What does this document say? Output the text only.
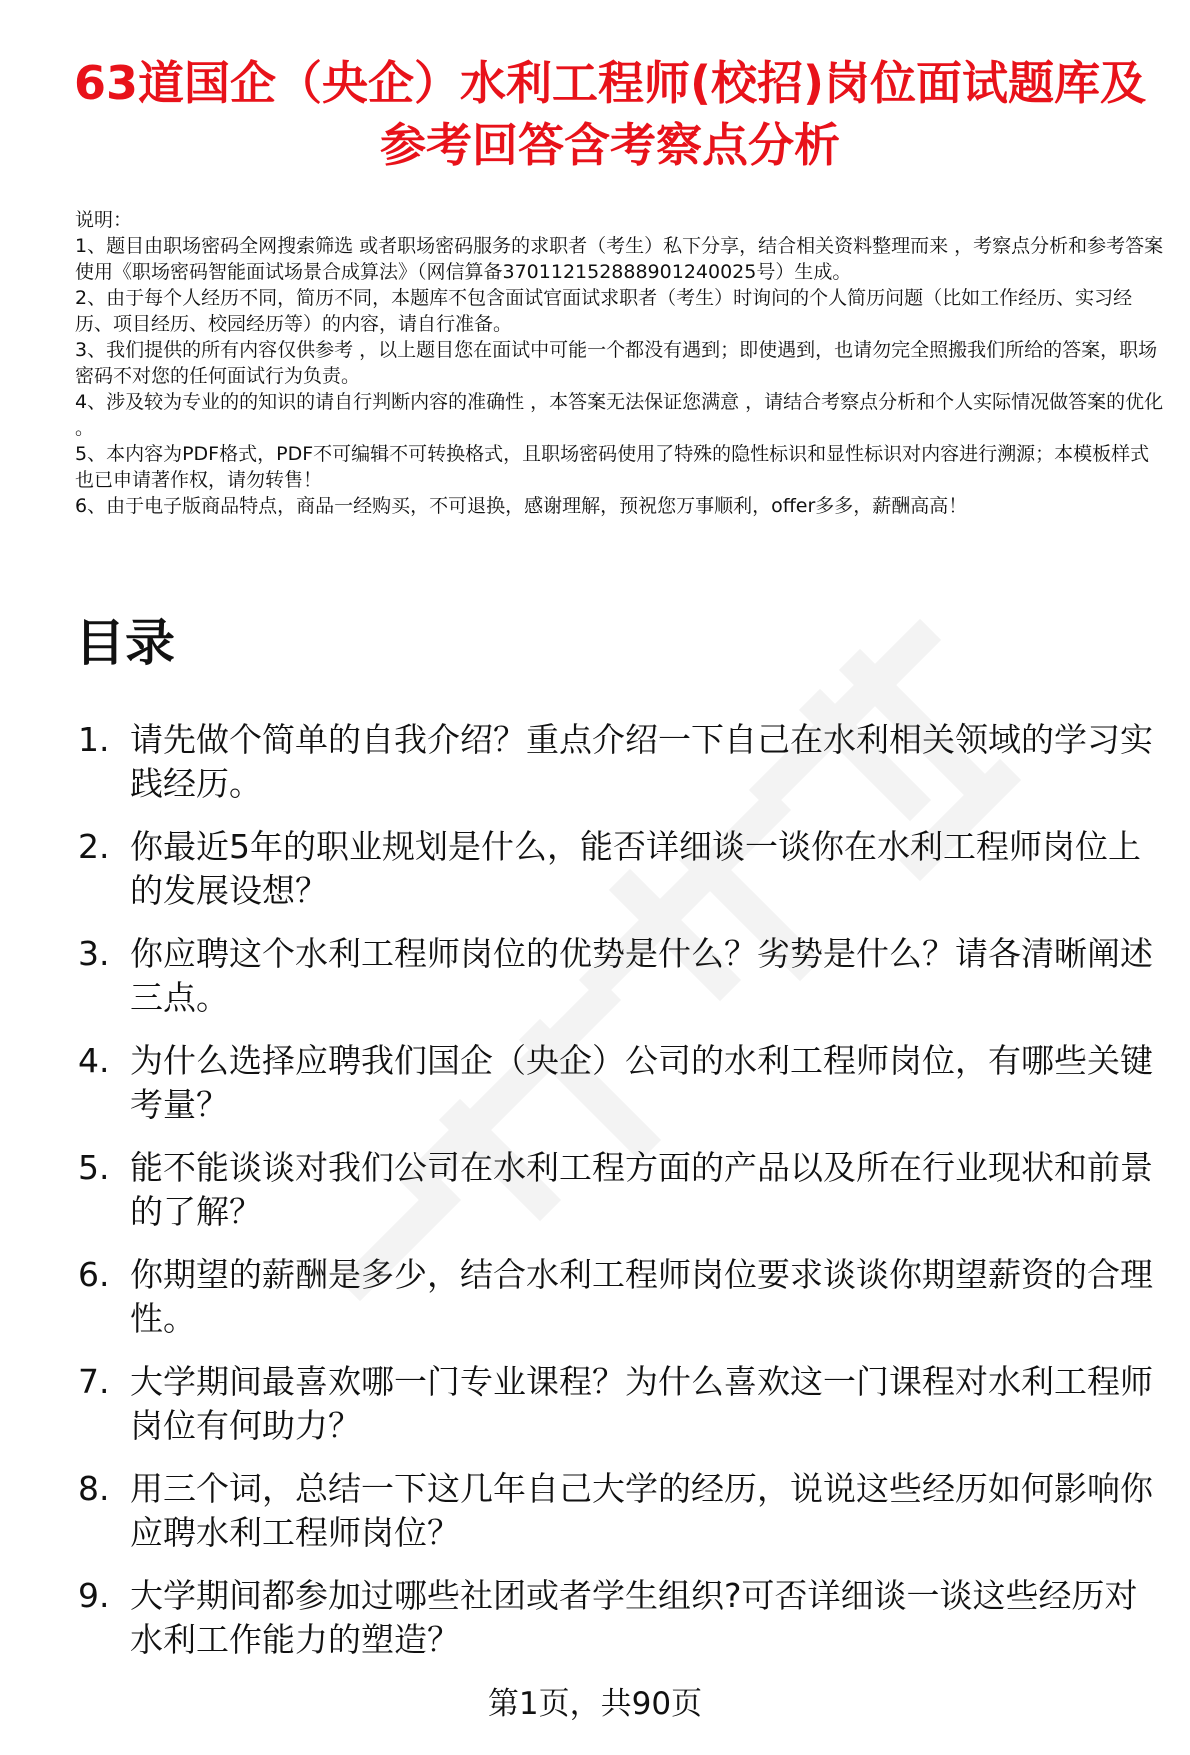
63道国企（央企）水利工程师(校招)岗位面试题库及参考回答含考察点分析

说明：

1、题目由职场密码全网搜索筛选 或者职场密码服务的求职者（考生）私下分享，结合相关资料整理而来 ，考察点分析和参考答案使用《职场密码智能面试场景合成算法》（网信算备370112152888901240025号）生成。

2、由于每个人经历不同，简历不同，本题库不包含面试官面试求职者（考生）时询问的个人简历问题（比如工作经历、实习经历、项目经历、校园经历等）的内容，请自行准备。

3、我们提供的所有内容仅供参考 ，以上题目您在面试中可能一个都没有遇到；即使遇到，也请勿完全照搬我们所给的答案，职场密码不对您的任何面试行为负责。

4、涉及较为专业的的知识的请自行判断内容的准确性 ，本答案无法保证您满意 ，请结合考察点分析和个人实际情况做答案的优化 。

5、本内容为PDF格式，PDF不可编辑不可转换格式，且职场密码使用了特殊的隐性标识和显性标识对内容进行溯源；本模板样式也已申请著作权，请勿转售！

6、由于电子版商品特点，商品一经购买，不可退换，感谢理解，预祝您万事顺利，offer多多，薪酬高高！

目录
1. 请先做个简单的自我介绍？重点介绍一下自己在水利相关领域的学习实践经历。
2. 你最近5年的职业规划是什么，能否详细谈一谈你在水利工程师岗位上的发展设想？
3. 你应聘这个水利工程师岗位的优势是什么？劣势是什么？请各清晰阐述三点。
4. 为什么选择应聘我们国企（央企）公司的水利工程师岗位，有哪些关键考量？
5. 能不能谈谈对我们公司在水利工程方面的产品以及所在行业现状和前景的了解？
6. 你期望的薪酬是多少，结合水利工程师岗位要求谈谈你期望薪资的合理性。
7. 大学期间最喜欢哪一门专业课程？为什么喜欢这一门课程对水利工程师岗位有何助力？
8. 用三个词，总结一下这几年自己大学的经历，说说这些经历如何影响你应聘水利工程师岗位？
9. 大学期间都参加过哪些社团或者学生组织?可否详细谈一谈这些经历对水利工作能力的塑造？
第1页，共90页
